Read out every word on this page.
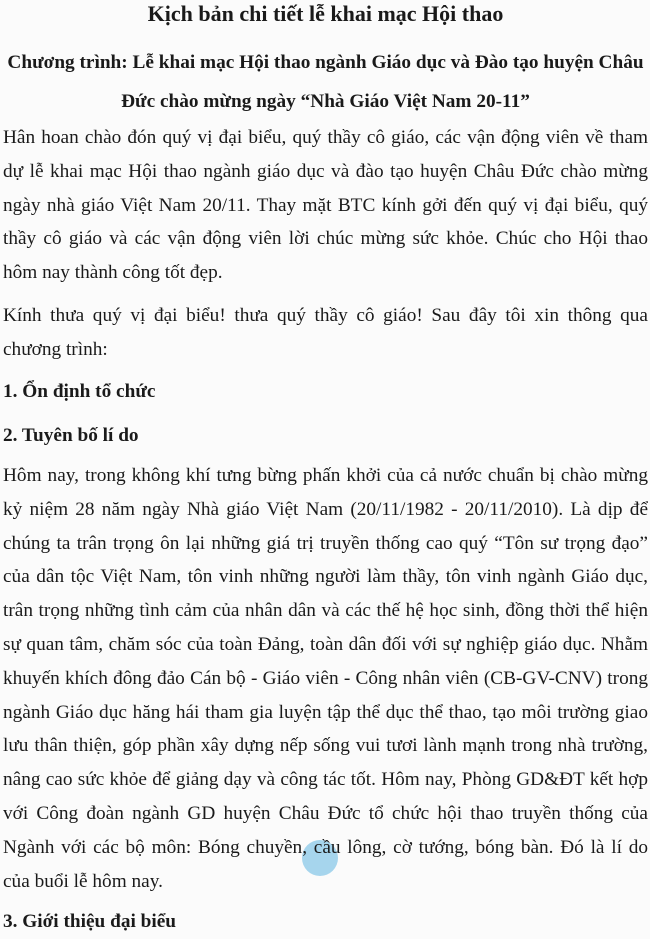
Kịch bản chi tiết lễ khai mạc Hội thao
Chương trình: Lễ khai mạc Hội thao ngành Giáo dục và Đào tạo huyện Châu
Đức chào mừng ngày “Nhà Giáo Việt Nam 20-11”
Hân hoan chào đón quý vị đại biểu, quý thầy cô giáo, các vận động viên về tham
dự lễ khai mạc Hội thao ngành giáo dục và đào tạo huyện Châu Đức chào mừng
ngày nhà giáo Việt Nam 20/11. Thay mặt BTC kính gởi đến quý vị đại biểu, quý
thầy cô giáo và các vận động viên lời chúc mừng sức khỏe. Chúc cho Hội thao
hôm nay thành công tốt đẹp.
Kính thưa quý vị đại biểu! thưa quý thầy cô giáo! Sau đây tôi xin thông qua
chương trình:
1. Ổn định tổ chức
2. Tuyên bố lí do
Hôm nay, trong không khí tưng bừng phấn khởi của cả nước chuẩn bị chào mừng
kỷ niệm 28 năm ngày Nhà giáo Việt Nam (20/11/1982 - 20/11/2010). Là dịp để
chúng ta trân trọng ôn lại những giá trị truyền thống cao quý “Tôn sư trọng đạo”
của dân tộc Việt Nam, tôn vinh những người làm thầy, tôn vinh ngành Giáo dục,
trân trọng những tình cảm của nhân dân và các thế hệ học sinh, đồng thời thể hiện
sự quan tâm, chăm sóc của toàn Đảng, toàn dân đối với sự nghiệp giáo dục. Nhằm
khuyến khích đông đảo Cán bộ - Giáo viên - Công nhân viên (CB-GV-CNV) trong
ngành Giáo dục hăng hái tham gia luyện tập thể dục thể thao, tạo môi trường giao
lưu thân thiện, góp phần xây dựng nếp sống vui tươi lành mạnh trong nhà trường,
nâng cao sức khỏe để giảng dạy và công tác tốt. Hôm nay, Phòng GD&ĐT kết hợp
với Công đoàn ngành GD huyện Châu Đức tổ chức hội thao truyền thống của
Ngành với các bộ môn: Bóng chuyền, cầu lông, cờ tướng, bóng bàn. Đó là lí do
của buổi lễ hôm nay.
3. Giới thiệu đại biểu
